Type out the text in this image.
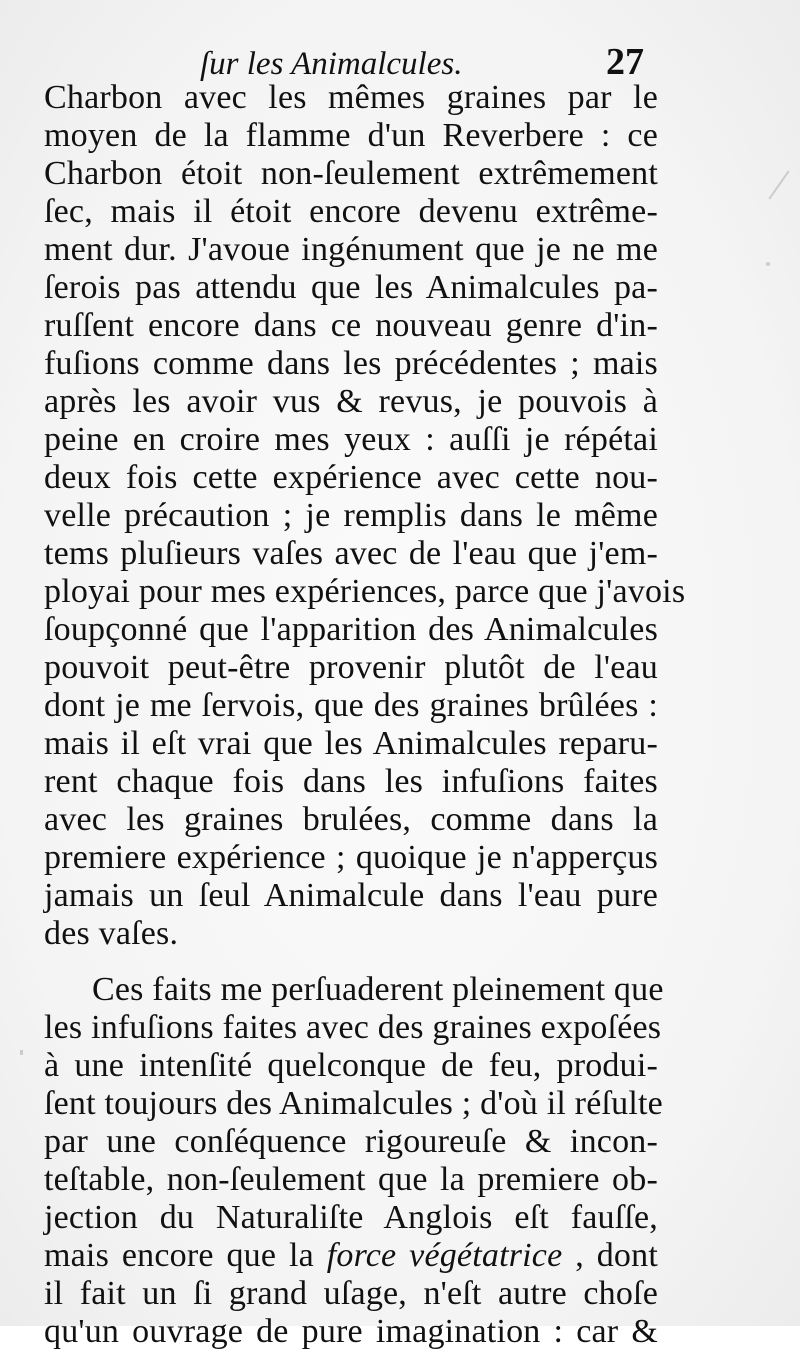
ſur les Animalcules.	27
Charbon avec les mêmes graines par le
moyen de la flamme d'un Reverbere : ce
Charbon étoit non-ſeulement extrêmement
ſec, mais il étoit encore devenu extrême-
ment dur. J'avoue ingénument que je ne me
ſerois pas attendu que les Animalcules pa-
ruſſent encore dans ce nouveau genre d'in-
fuſions comme dans les précédentes ; mais
après les avoir vus & revus, je pouvois à
peine en croire mes yeux : auſſi je répétai
deux fois cette expérience avec cette nou-
velle précaution ; je remplis dans le même
tems pluſieurs vaſes avec de l'eau que j'em-
ployai pour mes expériences, parce que j'avois
ſoupçonné que l'apparition des Animalcules
pouvoit peut-être provenir plutôt de l'eau
dont je me ſervois, que des graines brûlées :
mais il eſt vrai que les Animalcules reparu-
rent chaque fois dans les infuſions faites
avec les graines brulées, comme dans la
premiere expérience ; quoique je n'apperçus
jamais un ſeul Animalcule dans l'eau pure
des vaſes.
Ces faits me perſuaderent pleinement que
les infuſions faites avec des graines expoſées
à une intenſité quelconque de feu, produi-
ſent toujours des Animalcules ; d'où il réſulte
par une conſéquence rigoureuſe & incon-
teſtable, non-ſeulement que la premiere ob-
jection du Naturaliſte Anglois eſt fauſſe,
mais encore que la force végétatrice , dont
il fait un ſi grand uſage, n'eſt autre choſe
qu'un ouvrage de pure imagination : car &
